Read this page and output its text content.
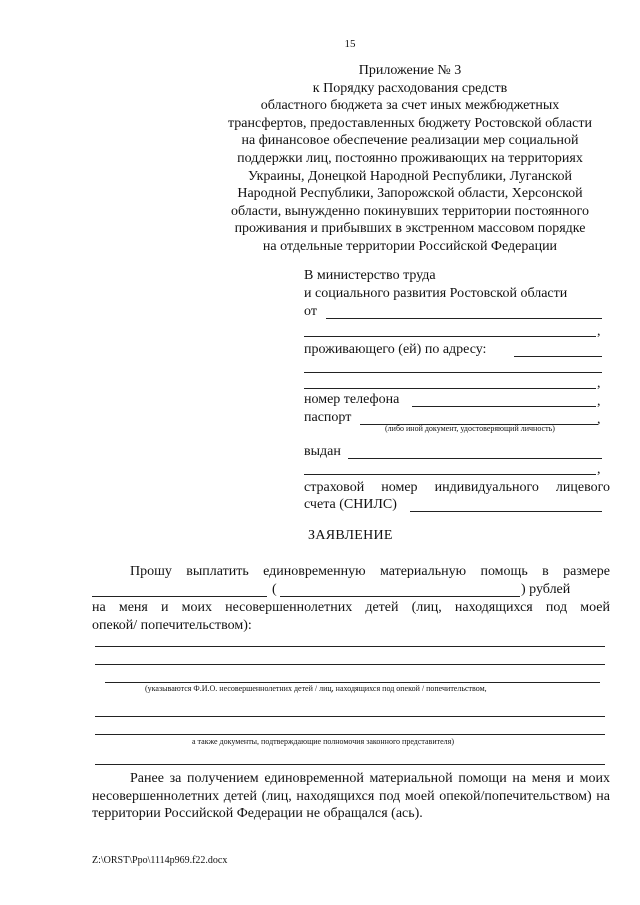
15
Приложение № 3
к Порядку расходования средств
областного бюджета за счет иных межбюджетных
трансфертов, предоставленных бюджету Ростовской области
на финансовое обеспечение реализации мер социальной
поддержки лиц, постоянно проживающих на территориях
Украины, Донецкой Народной Республики, Луганской
Народной Республики, Запорожской области, Херсонской
области, вынужденно покинувших территории постоянного
проживания и прибывших в экстренном массовом порядке
на отдельные территории Российской Федерации
В министерство труда
и социального развития Ростовской области
от
,
проживающего (ей) по адресу:
,
номер телефона	,
паспорт	,
(либо иной документ, удостоверяющий личность)
выдан
,
страховой номер индивидуального лицевого
счета (СНИЛС)
ЗАЯВЛЕНИЕ
Прошу выплатить единовременную материальную помощь в размере
(	) рублей
на меня и моих несовершеннолетних детей (лиц, находящихся под моей
опекой/ попечительством):
(указываются Ф.И.О. несовершеннолетних детей / лиц, находящихся под опекой / попечительством,
а также документы, подтверждающие полномочия законного представителя)
Ранее за получением единовременной материальной помощи на меня и моих несовершеннолетних детей (лиц, находящихся под моей опекой/попечительством) на территории Российской Федерации не обращался (ась).
Z:\ORST\Ppo\1114p969.f22.docx
